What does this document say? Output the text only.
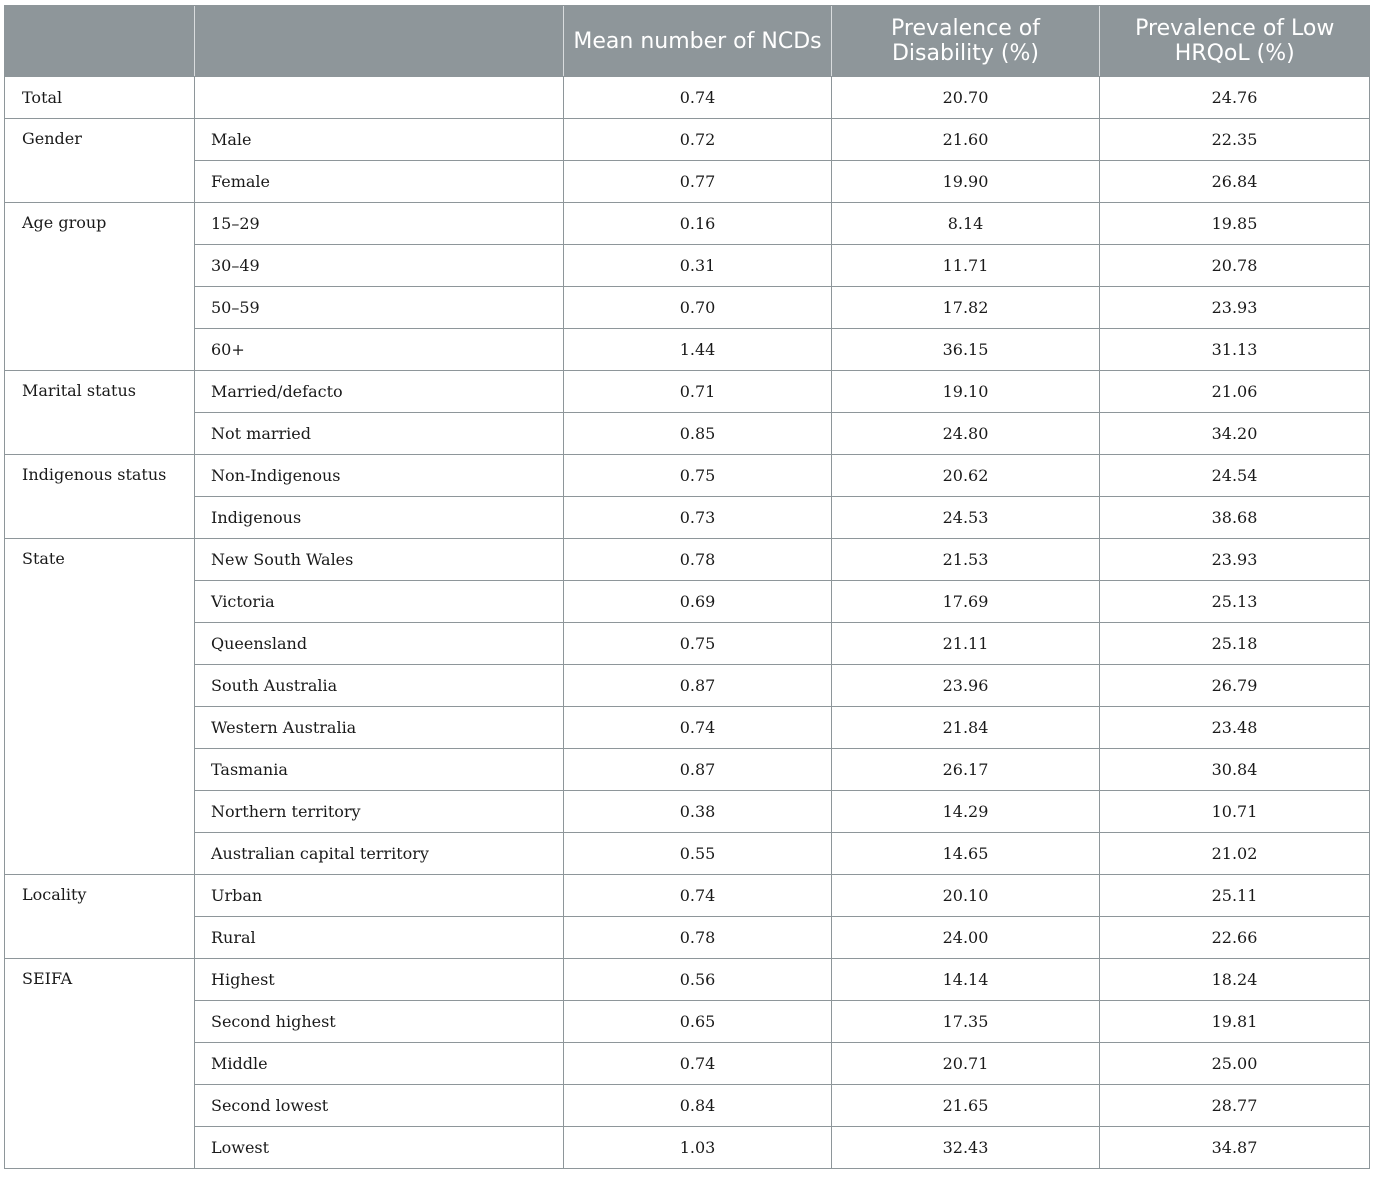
		Mean number of NCDs	Prevalence of Disability (%)	Prevalence of Low HRQoL (%)
Total		0.74	20.70	24.76
Gender	Male	0.72	21.60	22.35
	Female	0.77	19.90	26.84
Age group	15–29	0.16	8.14	19.85
	30–49	0.31	11.71	20.78
	50–59	0.70	17.82	23.93
	60+	1.44	36.15	31.13
Marital status	Married/defacto	0.71	19.10	21.06
	Not married	0.85	24.80	34.20
Indigenous status	Non-Indigenous	0.75	20.62	24.54
	Indigenous	0.73	24.53	38.68
State	New South Wales	0.78	21.53	23.93
	Victoria	0.69	17.69	25.13
	Queensland	0.75	21.11	25.18
	South Australia	0.87	23.96	26.79
	Western Australia	0.74	21.84	23.48
	Tasmania	0.87	26.17	30.84
	Northern territory	0.38	14.29	10.71
	Australian capital territory	0.55	14.65	21.02
Locality	Urban	0.74	20.10	25.11
	Rural	0.78	24.00	22.66
SEIFA	Highest	0.56	14.14	18.24
	Second highest	0.65	17.35	19.81
	Middle	0.74	20.71	25.00
	Second lowest	0.84	21.65	28.77
	Lowest	1.03	32.43	34.87
